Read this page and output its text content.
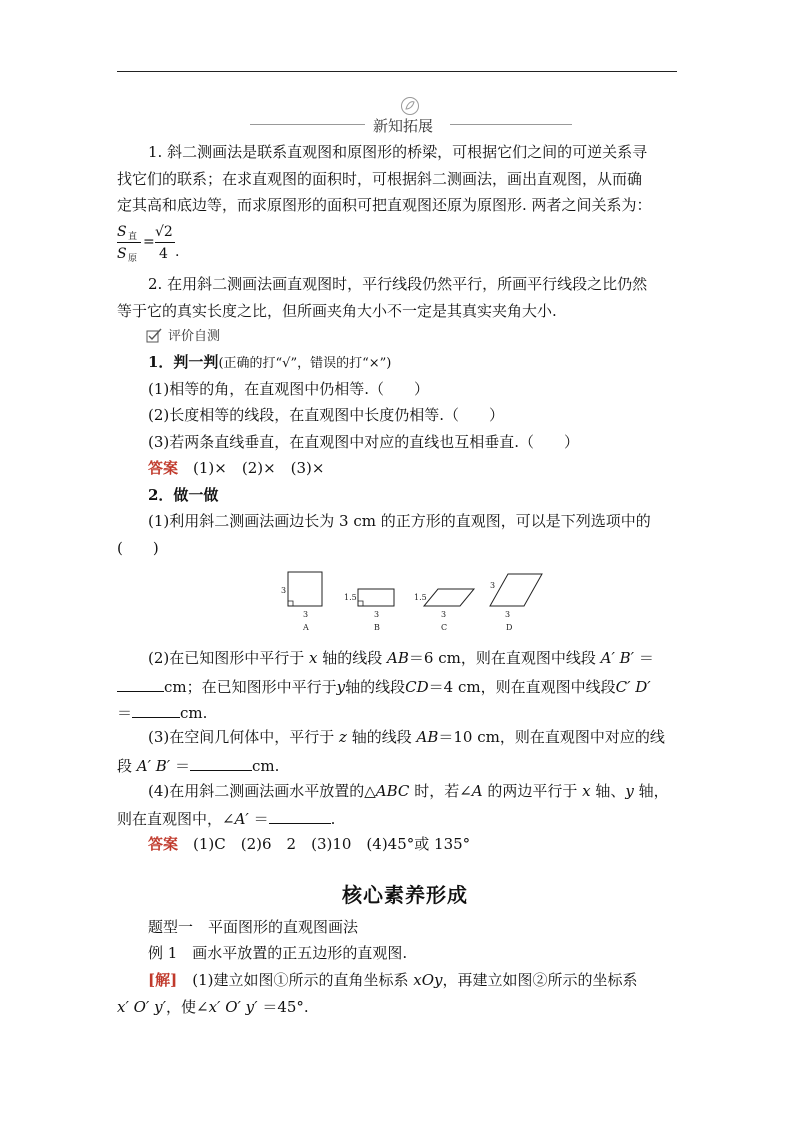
新知拓展
1. 斜二测画法是联系直观图和原图形的桥梁，可根据它们之间的可逆关系寻
找它们的联系；在求直观图的面积时，可根据斜二测画法，画出直观图，从而确
定其高和底边等，而求原图形的面积可把直观图还原为原图形. 两者之间关系为：
S 直
S 原
=
√2
4 .
2. 在用斜二测画法画直观图时，平行线段仍然平行，所画平行线段之比仍然
等于它的真实长度之比，但所画夹角大小不一定是其真实夹角大小.
评价自测
1．判一判(正确的打“√”，错误的打“×”)
(1)相等的角，在直观图中仍相等.（　　）
(2)长度相等的线段，在直观图中长度仍相等.（　　）
(3)若两条直线垂直，在直观图中对应的直线也互相垂直.（　　）
答案　 (1)×　(2)×　(3)×
2．做一做
(1)利用斜二测画法画边长为 3 cm 的正方形的直观图，可以是下列选项中的
(　　)
3
3
A
1.5
3
B
1.5
3
C
3
3
D
(2)在已知图形中平行于 x 轴的线段 AB＝6 cm，则在直观图中线段 A′ B′ ＝
cm；在已知图形中平行于y轴的线段CD＝4 cm，则在直观图中线段C′ D′
＝	cm.
(3)在空间几何体中，平行于 z 轴的线段 AB＝10 cm，则在直观图中对应的线
段 A′ B′ ＝	cm.
(4)在用斜二测画法画水平放置的△ABC 时，若∠A 的两边平行于 x 轴、y 轴，
则在直观图中，∠A′ ＝	.
答案　 (1)C　(2)6　2　(3)10　(4)45°或 135°
核心素养形成
题型一　平面图形的直观图画法
例 1　画水平放置的正五边形的直观图.
[解]　 (1)建立如图①所示的直角坐标系 xOy，再建立如图②所示的坐标系
x′ O′ y′，使∠x′ O′ y′ ＝45°.
